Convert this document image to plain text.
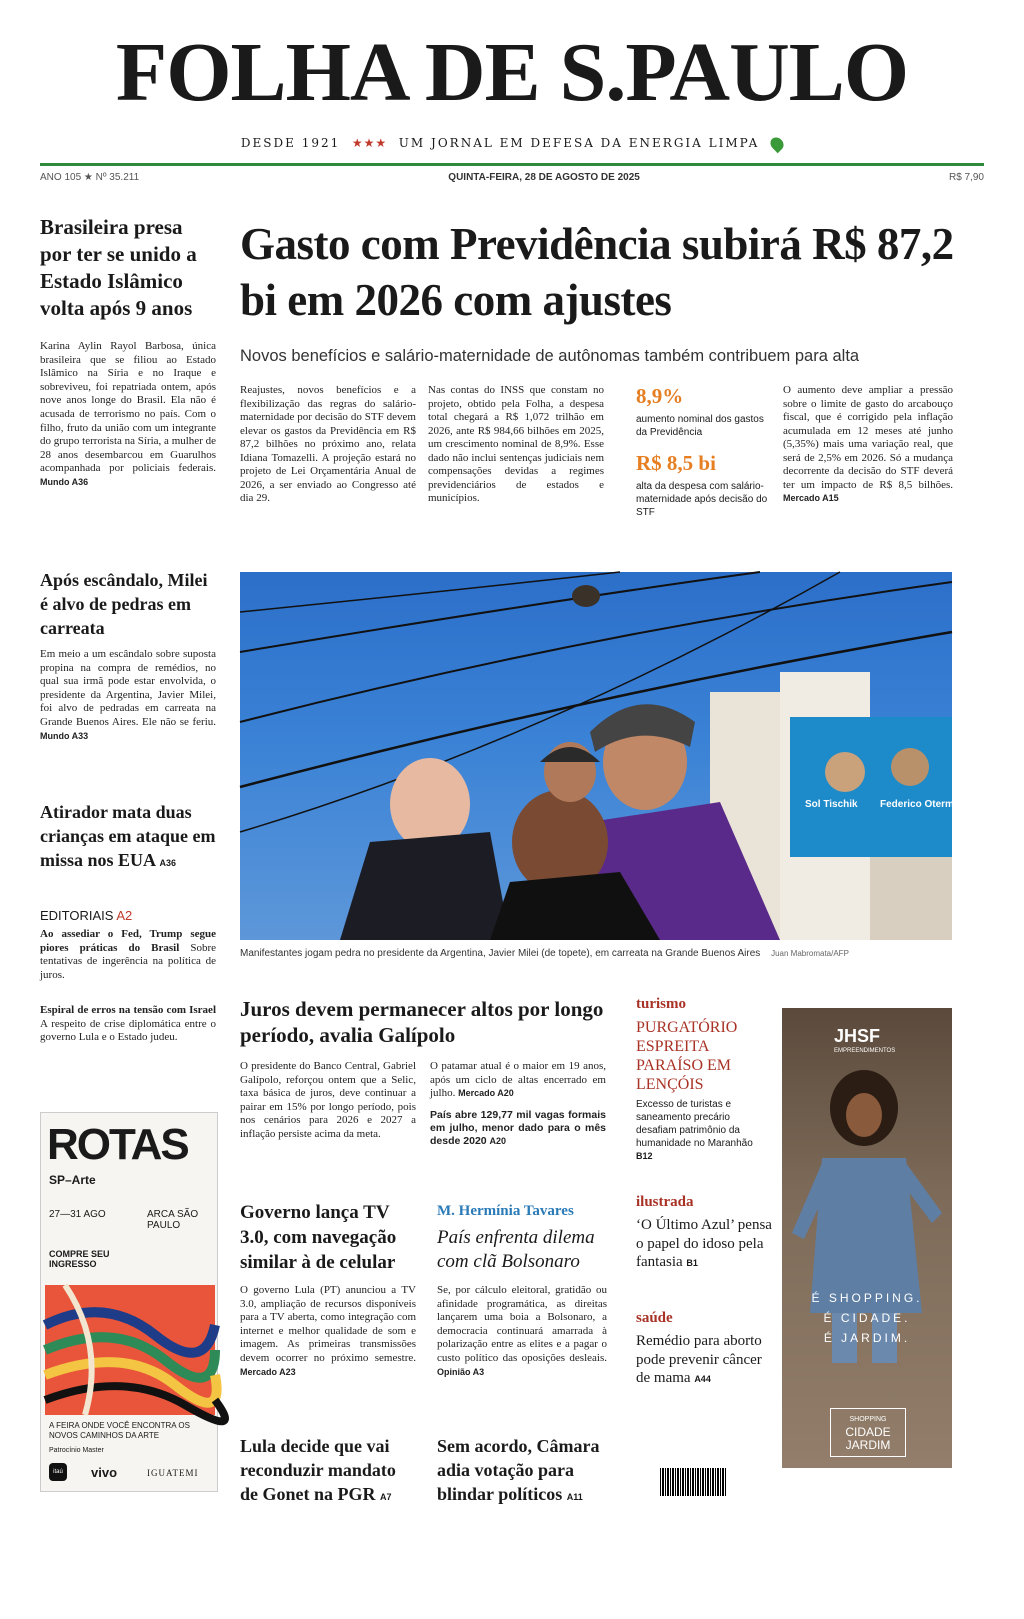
FOLHA DE S.PAULO
DESDE 1921 ★★★ UM JORNAL EM DEFESA DA ENERGIA LIMPA
ANO 105 ★ Nº 35.211	QUINTA-FEIRA, 28 DE AGOSTO DE 2025	R$ 7,90
Brasileira presa por ter se unido a Estado Islâmico volta após 9 anos
Karina Aylin Rayol Barbosa, única brasileira que se filiou ao Estado Islâmico na Síria e no Iraque e sobreviveu, foi repatriada ontem, após nove anos longe do Brasil. Ela não é acusada de terrorismo no país. Com o filho, fruto da união com um integrante do grupo terrorista na Síria, a mulher de 28 anos desembarcou em Guarulhos acompanhada por policiais federais. Mundo A36
Gasto com Previdência subirá R$ 87,2 bi em 2026 com ajustes
Novos benefícios e salário-maternidade de autônomas também contribuem para alta
Reajustes, novos benefícios e a flexibilização das regras do salário-maternidade por decisão do STF devem elevar os gastos da Previdência em R$ 87,2 bilhões no próximo ano, relata Idiana Tomazelli. A projeção estará no projeto de Lei Orçamentária Anual de 2026, a ser enviado ao Congresso até dia 29.
Nas contas do INSS que constam no projeto, obtido pela Folha, a despesa total chegará a R$ 1,072 trilhão em 2026, ante R$ 984,66 bilhões em 2025, um crescimento nominal de 8,9%. Esse dado não inclui sentenças judiciais nem compensações devidas a regimes previdenciários de estados e municípios.
8,9%
aumento nominal dos gastos da Previdência
R$ 8,5 bi
alta da despesa com salário-maternidade após decisão do STF
O aumento deve ampliar a pressão sobre o limite de gasto do arcabouço fiscal, que é corrigido pela inflação acumulada em 12 meses até junho (5,35%) mais uma variação real, que será de 2,5% em 2026. Só a mudança decorrente da decisão do STF deverá ter um impacto de R$ 8,5 bilhões. Mercado A15
Após escândalo, Milei é alvo de pedras em carreata
Em meio a um escândalo sobre suposta propina na compra de remédios, no qual sua irmã pode estar envolvida, o presidente da Argentina, Javier Milei, foi alvo de pedradas em carreata na Grande Buenos Aires. Ele não se feriu. Mundo A33
Atirador mata duas crianças em ataque em missa nos EUA A36
EDITORIAIS A2
Ao assediar o Fed, Trump segue piores práticas do Brasil Sobre tentativas de ingerência na política de juros.
Espiral de erros na tensão com Israel A respeito de crise diplomática entre o governo Lula e o Estado judeu.
Sol Tischik Federico Otermin
Manifestantes jogam pedra no presidente da Argentina, Javier Milei (de topete), em carreata na Grande Buenos Aires Juan Mabromata/AFP
Juros devem permanecer altos por longo período, avalia Galípolo
O presidente do Banco Central, Gabriel Galípolo, reforçou ontem que a Selic, taxa básica de juros, deve continuar a pairar em 15% por longo período, pois nos cenários para 2026 e 2027 a inflação persiste acima da meta.
O patamar atual é o maior em 19 anos, após um ciclo de altas encerrado em julho. Mercado A20
País abre 129,77 mil vagas formais em julho, menor dado para o mês desde 2020 A20
Governo lança TV 3.0, com navegação similar à de celular
O governo Lula (PT) anunciou a TV 3.0, ampliação de recursos disponíveis para a TV aberta, como integração com internet e melhor qualidade de som e imagem. As primeiras transmissões devem ocorrer no próximo semestre. Mercado A23
M. Hermínia Tavares
País enfrenta dilema com clã Bolsonaro
Se, por cálculo eleitoral, gratidão ou afinidade programática, as direitas lançarem uma boia a Bolsonaro, a democracia continuará amarrada à polarização entre as elites e a pagar o custo político das oposições desleais. Opinião A3
Lula decide que vai reconduzir mandato de Gonet na PGR A7
Sem acordo, Câmara adia votação para blindar políticos A11
turismo
PURGATÓRIO ESPREITA PARAÍSO EM LENÇÓIS
Excesso de turistas e saneamento precário desafiam patrimônio da humanidade no Maranhão B12
ilustrada
‘O Último Azul’ pensa o papel do idoso pela fantasia B1
saúde
Remédio para aborto pode prevenir câncer de mama A44
ROTAS
SP–Arte
27—31 AGO	ARCA SÃO PAULO
COMPRE SEU INGRESSO
A FEIRA ONDE VOCÊ ENCONTRA OS NOVOS CAMINHOS DA ARTE
Patrocínio Master
itaú	vivo	IGUATEMI
JHSF
EMPREENDIMENTOS
É SHOPPING.
É CIDADE.
É JARDIM.
SHOPPING
CIDADE
JARDIM
